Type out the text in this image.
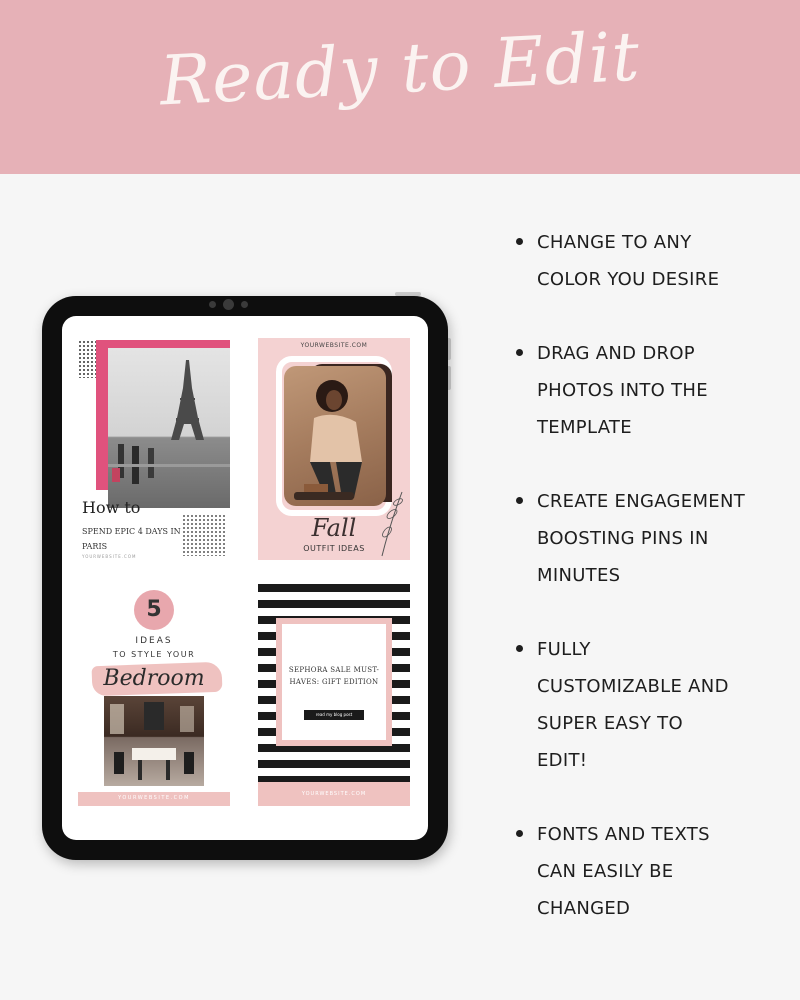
Ready to Edit
How to
SPEND EPIC 4 DAYS IN PARIS
YOURWEBSITE.COM
YOURWEBSITE.COM
Fall
OUTFIT IDEAS
5
IDEAS
TO STYLE YOUR
Bedroom
YOURWEBSITE.COM
SEPHORA SALE MUST-HAVES: GIFT EDITION
read my blog post
YOURWEBSITE.COM
CHANGE TO ANY COLOR YOU DESIRE
DRAG AND DROP PHOTOS INTO THE TEMPLATE
CREATE ENGAGEMENT BOOSTING PINS IN MINUTES
FULLY CUSTOMIZABLE AND SUPER EASY TO EDIT!
FONTS AND TEXTS CAN EASILY BE CHANGED
